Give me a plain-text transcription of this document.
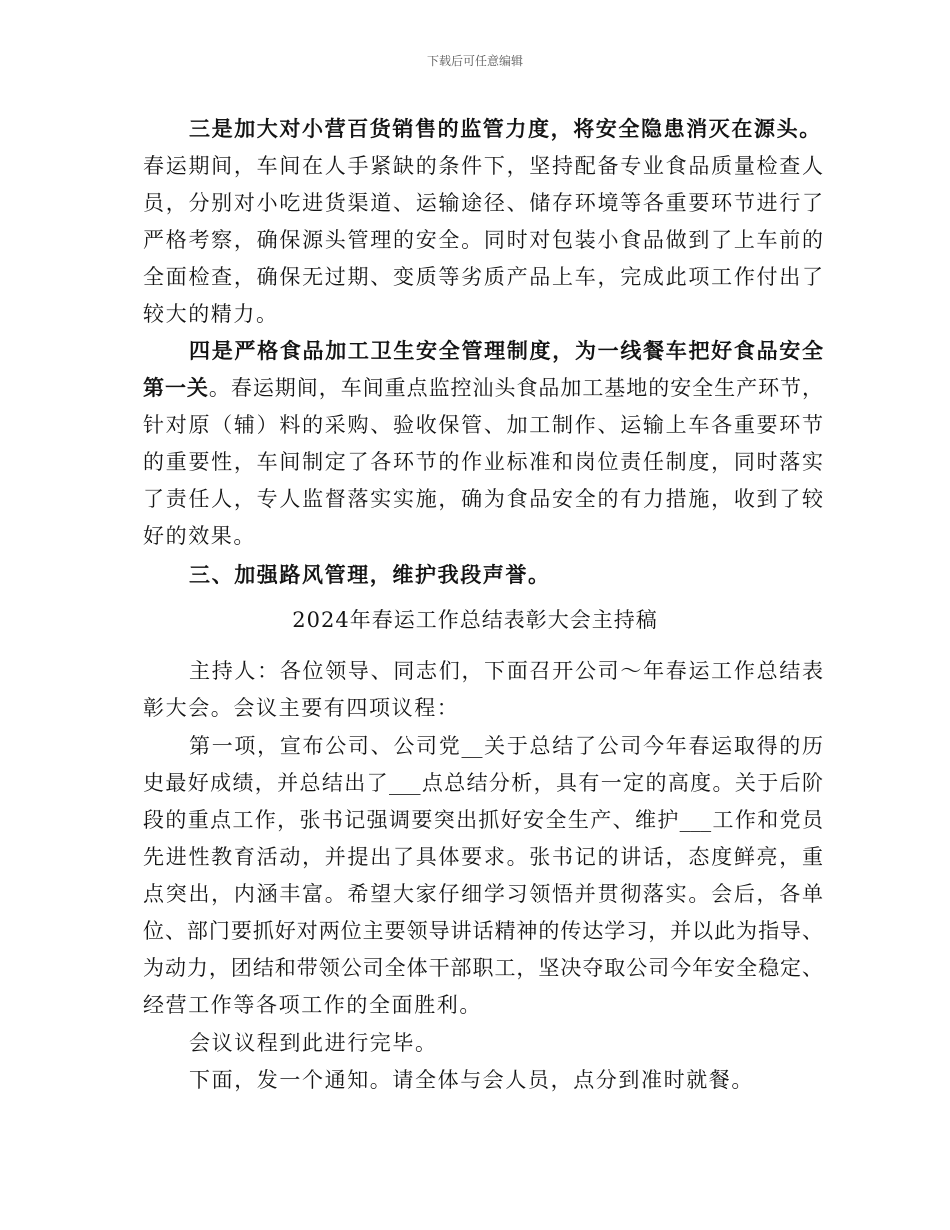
下载后可任意编辑
三是加大对小营百货销售的监管力度，将安全隐患消灭在源头。
春运期间，车间在人手紧缺的条件下，坚持配备专业食品质量检查人
员，分别对小吃进货渠道、运输途径、储存环境等各重要环节进行了
严格考察，确保源头管理的安全。同时对包装小食品做到了上车前的
全面检查，确保无过期、变质等劣质产品上车，完成此项工作付出了
较大的精力。
四是严格食品加工卫生安全管理制度，为一线餐车把好食品安全
第一关。春运期间，车间重点监控汕头食品加工基地的安全生产环节，
针对原（辅）料的采购、验收保管、加工制作、运输上车各重要环节
的重要性，车间制定了各环节的作业标准和岗位责任制度，同时落实
了责任人，专人监督落实实施，确为食品安全的有力措施，收到了较
好的效果。
三、加强路风管理，维护我段声誉。
2024年春运工作总结表彰大会主持稿
主持人：各位领导、同志们，下面召开公司～年春运工作总结表
彰大会。会议主要有四项议程：
第一项，宣布公司、公司党__关于总结了公司今年春运取得的历
史最好成绩，并总结出了___点总结分析，具有一定的高度。关于后阶
段的重点工作，张书记强调要突出抓好安全生产、维护___工作和党员
先进性教育活动，并提出了具体要求。张书记的讲话，态度鲜亮，重
点突出，内涵丰富。希望大家仔细学习领悟并贯彻落实。会后，各单
位、部门要抓好对两位主要领导讲话精神的传达学习，并以此为指导、
为动力，团结和带领公司全体干部职工，坚决夺取公司今年安全稳定、
经营工作等各项工作的全面胜利。
会议议程到此进行完毕。
下面，发一个通知。请全体与会人员，点分到准时就餐。
